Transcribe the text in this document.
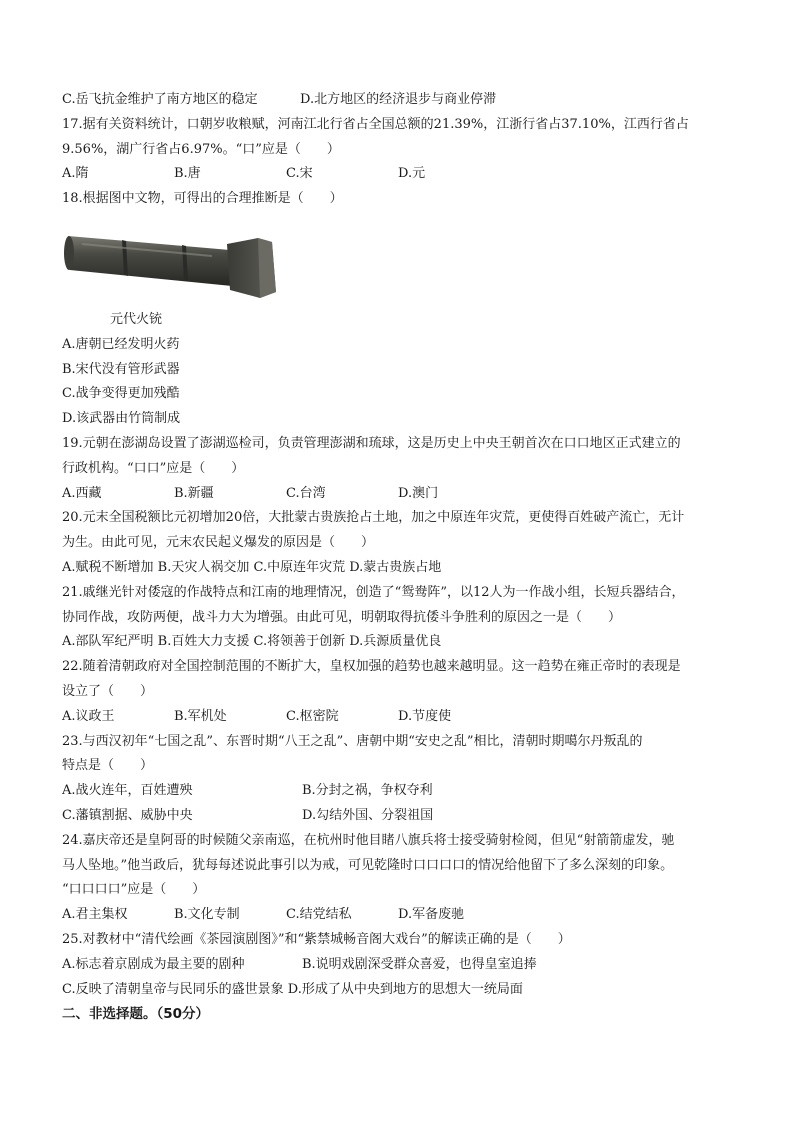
C.岳飞抗金维护了南方地区的稳定	D.北方地区的经济退步与商业停滞
17.据有关资料统计，口朝岁收粮赋，河南江北行省占全国总额的21.39%，江浙行省占37.10%，江西行省占
9.56%，湖广行省占6.97%。“口”应是（　　）
A.隋	B.唐	C.宋	D.元
18.根据图中文物，可得出的合理推断是（　　）
元代火铳
A.唐朝已经发明火药
B.宋代没有管形武器
C.战争变得更加残酷
D.该武器由竹筒制成
19.元朝在澎湖岛设置了澎湖巡检司，负责管理澎湖和琉球，这是历史上中央王朝首次在口口地区正式建立的
行政机构。“口口”应是（　　）
A.西藏	B.新疆	C.台湾	D.澳门
20.元末全国税额比元初增加20倍，大批蒙古贵族抢占土地，加之中原连年灾荒，更使得百姓破产流亡，无计
为生。由此可见，元末农民起义爆发的原因是（　　）
A.赋税不断增加 B.天灾人祸交加 C.中原连年灾荒 D.蒙古贵族占地
21.戚继光针对倭寇的作战特点和江南的地理情况，创造了“鸳鸯阵”，以12人为一作战小组，长短兵器结合，
协同作战，攻防两便，战斗力大为增强。由此可见，明朝取得抗倭斗争胜利的原因之一是（　　）
A.部队军纪严明 B.百姓大力支援 C.将领善于创新 D.兵源质量优良
22.随着清朝政府对全国控制范围的不断扩大，皇权加强的趋势也越来越明显。这一趋势在雍正帝时的表现是
设立了（　　）
A.议政王	B.军机处	C.枢密院	D.节度使
23.与西汉初年“七国之乱”、东晋时期“八王之乱”、唐朝中期“安史之乱”相比，清朝时期噶尔丹叛乱的
特点是（　　）
A.战火连年，百姓遭殃	B.分封之祸，争权夺利
C.藩镇割据、威胁中央	D.勾结外国、分裂祖国
24.嘉庆帝还是皇阿哥的时候随父亲南巡，在杭州时他目睹八旗兵将士接受骑射检阅，但见“射箭箭虚发，驰
马人坠地。”他当政后，犹每每述说此事引以为戒，可见乾隆时口口口口的情况给他留下了多么深刻的印象。
“口口口口”应是（　　）
A.君主集权	B.文化专制	C.结党结私	D.军备废驰
25.对教材中“清代绘画《茶园演剧图》”和“紫禁城畅音阁大戏台”的解读正确的是（　　）
A.标志着京剧成为最主要的剧种	B.说明戏剧深受群众喜爱，也得皇室追捧
C.反映了清朝皇帝与民同乐的盛世景象 D.形成了从中央到地方的思想大一统局面
二、非选择题。（50分）
